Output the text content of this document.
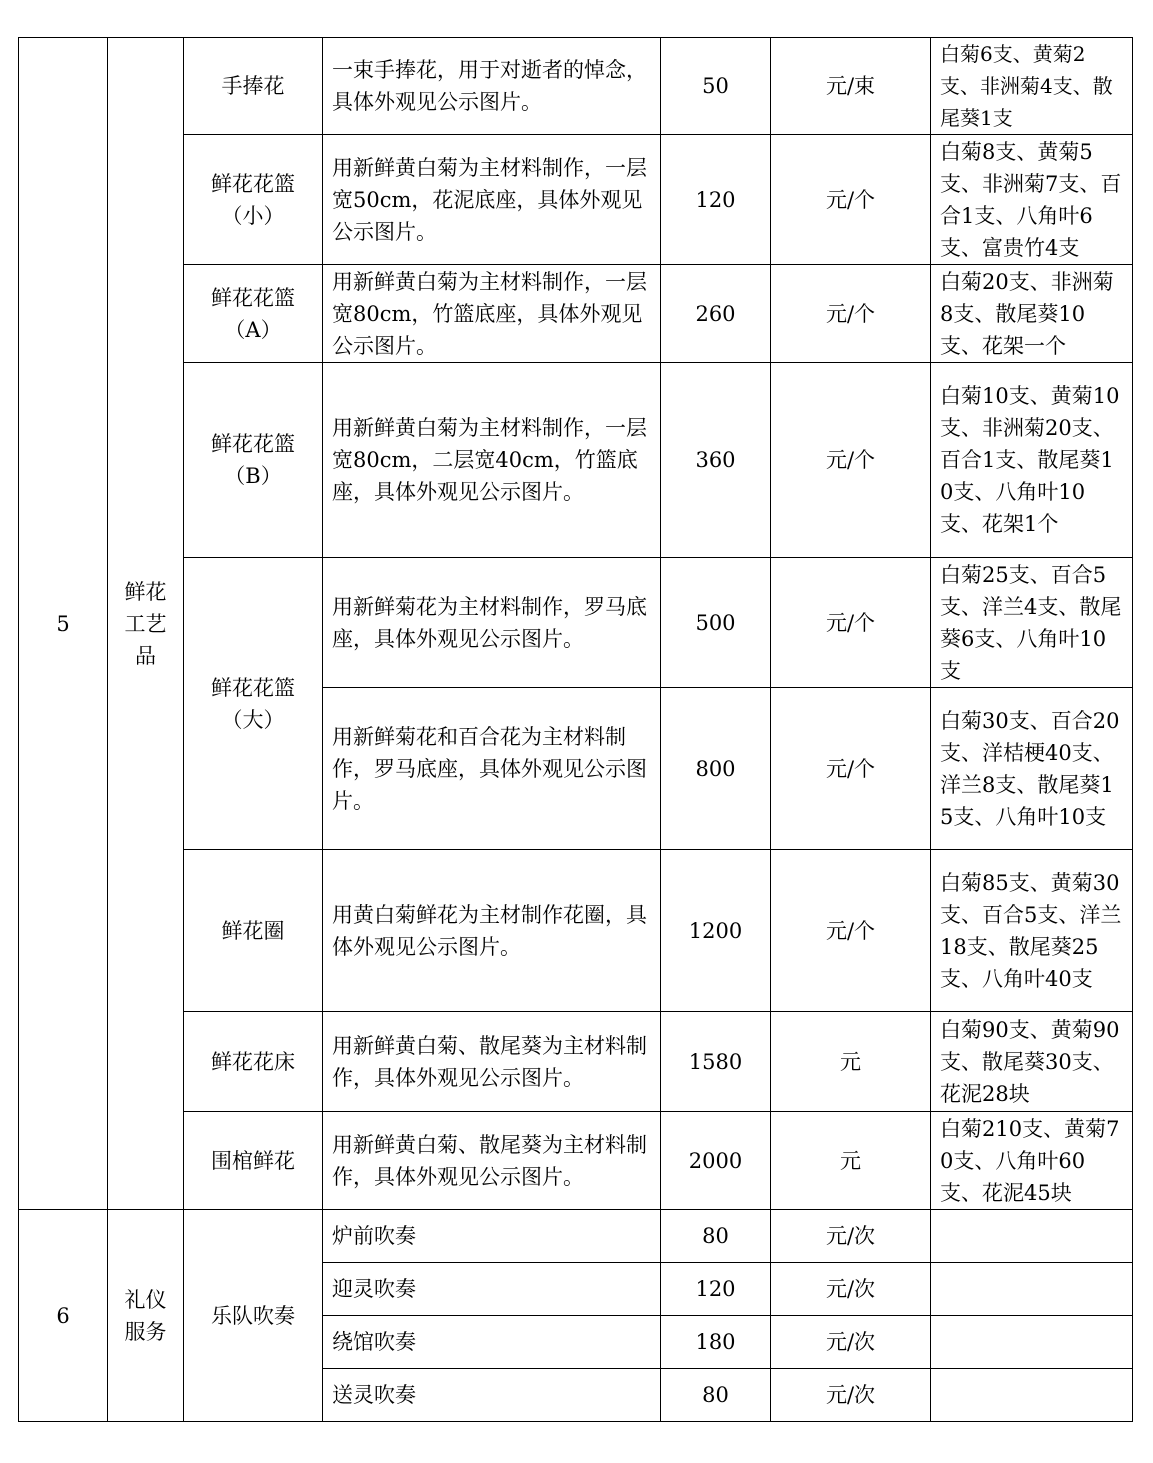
5	鲜花工艺品	手捧花	一束手捧花，用于对逝者的悼念，具体外观见公示图片。	50	元/束	白菊6支、黄菊2支、非洲菊4支、散尾葵1支

		鲜花花篮（小）	用新鲜黄白菊为主材料制作，一层宽50cm，花泥底座，具体外观见公示图片。	120	元/个	白菊8支、黄菊5支、非洲菊7支、百合1支、八角叶6支、富贵竹4支

		鲜花花篮（A）	用新鲜黄白菊为主材料制作，一层宽80cm，竹篮底座，具体外观见公示图片。	260	元/个	白菊20支、非洲菊8支、散尾葵10支、花架一个

		鲜花花篮（B）	用新鲜黄白菊为主材料制作，一层宽80cm，二层宽40cm，竹篮底座，具体外观见公示图片。	360	元/个	白菊10支、黄菊10支、非洲菊20支、百合1支、散尾葵10支、八角叶10支、花架1个

		鲜花花篮（大）	用新鲜菊花为主材料制作，罗马底座，具体外观见公示图片。	500	元/个	白菊25支、百合5支、洋兰4支、散尾葵6支、八角叶10支

			用新鲜菊花和百合花为主材料制作，罗马底座，具体外观见公示图片。	800	元/个	白菊30支、百合20支、洋桔梗40支、洋兰8支、散尾葵15支、八角叶10支

		鲜花圈	用黄白菊鲜花为主材制作花圈，具体外观见公示图片。	1200	元/个	白菊85支、黄菊30支、百合5支、洋兰18支、散尾葵25支、八角叶40支

		鲜花花床	用新鲜黄白菊、散尾葵为主材料制作，具体外观见公示图片。	1580	元	白菊90支、黄菊90支、散尾葵30支、花泥28块

		围棺鲜花	用新鲜黄白菊、散尾葵为主材料制作，具体外观见公示图片。	2000	元	白菊210支、黄菊70支、八角叶60支、花泥45块

6	礼仪服务	乐队吹奏	炉前吹奏	80	元/次	

			迎灵吹奏	120	元/次	

			绕馆吹奏	180	元/次	

			送灵吹奏	80	元/次	
